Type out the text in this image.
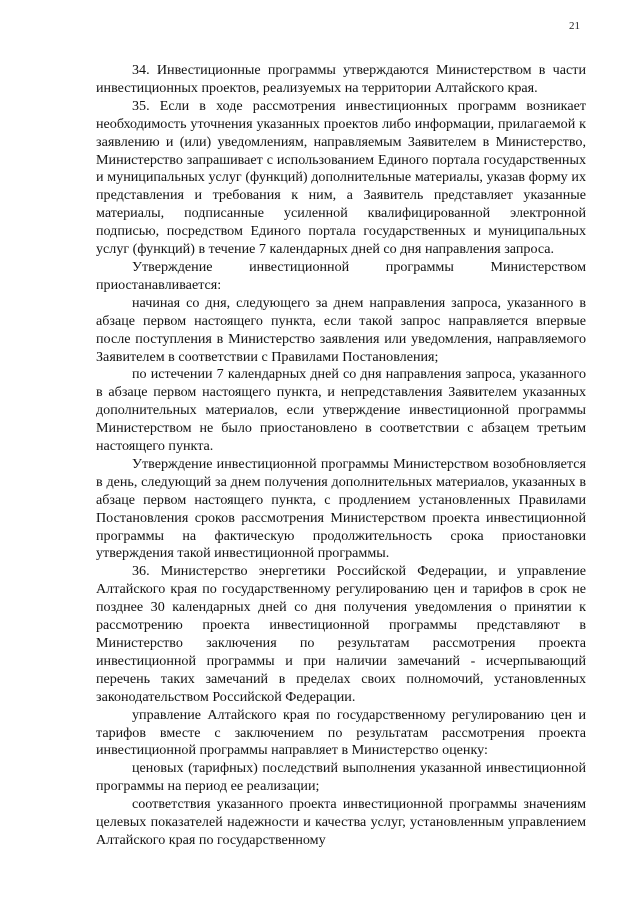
21

34. Инвестиционные программы утверждаются Министерством в части инвестиционных проектов, реализуемых на территории Алтайского края.

35. Если в ходе рассмотрения инвестиционных программ возникает необходимость уточнения указанных проектов либо информации, прилагаемой к заявлению и (или) уведомлениям, направляемым Заявителем в Министерство, Министерство запрашивает с использованием Единого портала государственных и муниципальных услуг (функций) дополнительные материалы, указав форму их представления и требования к ним, а Заявитель представляет указанные материалы, подписанные усиленной квалифицированной электронной подписью, посредством Единого портала государственных и муниципальных услуг (функций) в течение 7 календарных дней со дня направления запроса.

Утверждение инвестиционной программы Министерством приостанавливается:

начиная со дня, следующего за днем направления запроса, указанного в абзаце первом настоящего пункта, если такой запрос направляется впервые после поступления в Министерство заявления или уведомления, направляемого Заявителем в соответствии с Правилами Постановления;

по истечении 7 календарных дней со дня направления запроса, указанного в абзаце первом настоящего пункта, и непредставления Заявителем указанных дополнительных материалов, если утверждение инвестиционной программы Министерством не было приостановлено в соответствии с абзацем третьим настоящего пункта.

Утверждение инвестиционной программы Министерством возобновляется в день, следующий за днем получения дополнительных материалов, указанных в абзаце первом настоящего пункта, с продлением установленных Правилами Постановления сроков рассмотрения Министерством проекта инвестиционной программы на фактическую продолжительность срока приостановки утверждения такой инвестиционной программы.

36. Министерство энергетики Российской Федерации, и управление Алтайского края по государственному регулированию цен и тарифов в срок не позднее 30 календарных дней со дня получения уведомления о принятии к рассмотрению проекта инвестиционной программы представляют в Министерство заключения по результатам рассмотрения проекта инвестиционной программы и при наличии замечаний - исчерпывающий перечень таких замечаний в пределах своих полномочий, установленных законодательством Российской Федерации.

управление Алтайского края по государственному регулированию цен и тарифов вместе с заключением по результатам рассмотрения проекта инвестиционной программы направляет в Министерство оценку:

ценовых (тарифных) последствий выполнения указанной инвестиционной программы на период ее реализации;

соответствия указанного проекта инвестиционной программы значениям целевых показателей надежности и качества услуг, установленным управлением Алтайского края по государственному
